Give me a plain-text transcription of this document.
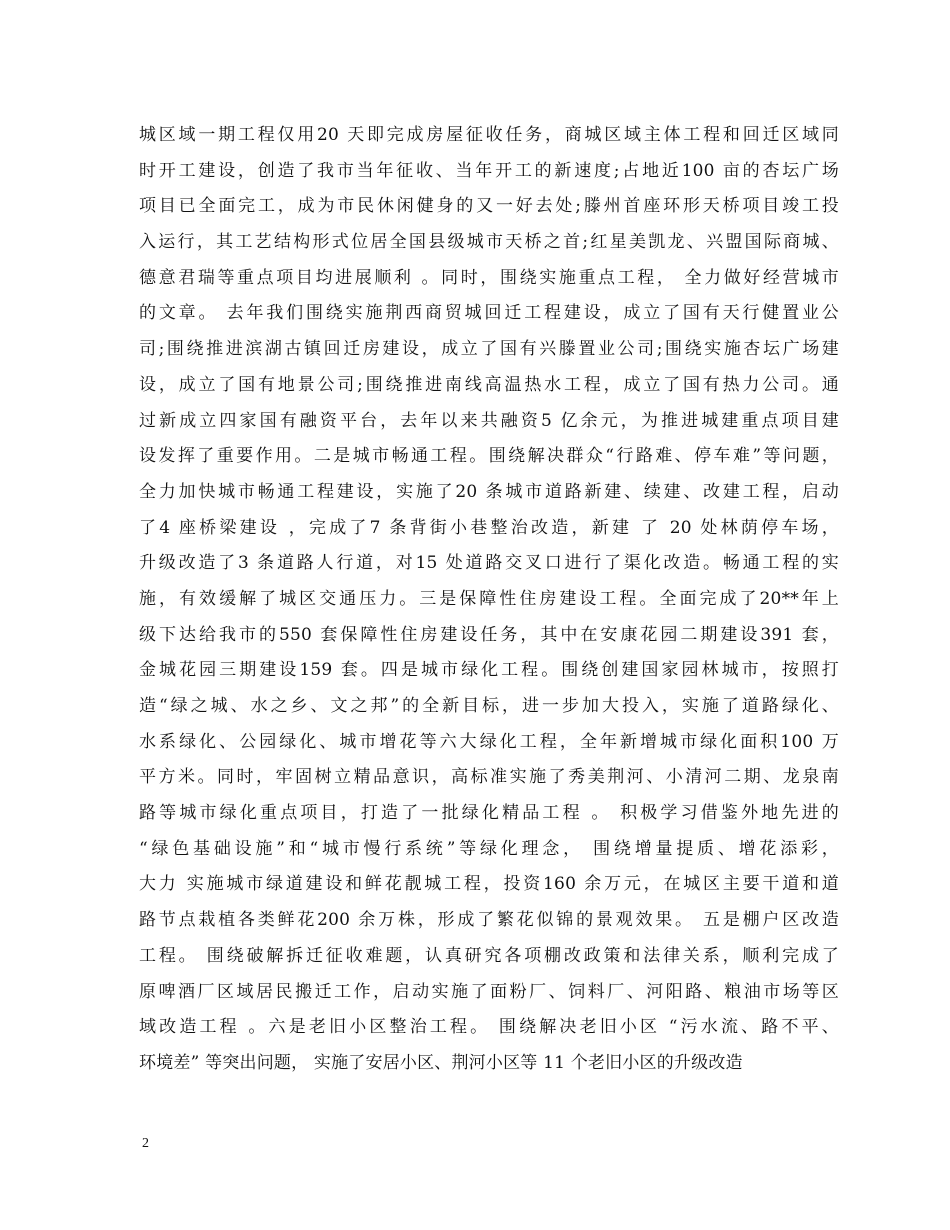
城区域一期工程仅用20 天即完成房屋征收任务，商城区域主体工程和回迁区域同
时开工建设，创造了我市当年征收、当年开工的新速度;占地近100 亩的杏坛广场
项目已全面完工，成为市民休闲健身的又一好去处;滕州首座环形天桥项目竣工投
入运行，其工艺结构形式位居全国县级城市天桥之首;红星美凯龙、兴盟国际商城、
德意君瑞等重点项目均进展顺利 。同时，围绕实施重点工程， 全力做好经营城市
的文章。 去年我们围绕实施荆西商贸城回迁工程建设，成立了国有天行健置业公
司;围绕推进滨湖古镇回迁房建设，成立了国有兴滕置业公司;围绕实施杏坛广场建
设，成立了国有地景公司;围绕推进南线高温热水工程，成立了国有热力公司。通
过新成立四家国有融资平台，去年以来共融资5 亿余元，为推进城建重点项目建
设发挥了重要作用。二是城市畅通工程。围绕解决群众“行路难、停车难”等问题，
全力加快城市畅通工程建设，实施了20 条城市道路新建、续建、改建工程，启动
了4 座桥梁建设 ，完成了7 条背街小巷整治改造，新建 了 20 处林荫停车场，
升级改造了3 条道路人行道，对15 处道路交叉口进行了渠化改造。畅通工程的实
施，有效缓解了城区交通压力。三是保障性住房建设工程。全面完成了20**年上
级下达给我市的550 套保障性住房建设任务，其中在安康花园二期建设391 套，
金城花园三期建设159 套。四是城市绿化工程。围绕创建国家园林城市，按照打
造“绿之城、水之乡、文之邦”的全新目标，进一步加大投入，实施了道路绿化、
水系绿化、公园绿化、城市增花等六大绿化工程，全年新增城市绿化面积100 万
平方米。同时，牢固树立精品意识，高标准实施了秀美荆河、小清河二期、龙泉南
路等城市绿化重点项目，打造了一批绿化精品工程 。 积极学习借鉴外地先进的
“绿色基础设施”和“城市慢行系统”等绿化理念， 围绕增量提质、增花添彩，
大力 实施城市绿道建设和鲜花靓城工程，投资160 余万元，在城区主要干道和道
路节点栽植各类鲜花200 余万株，形成了繁花似锦的景观效果。 五是棚户区改造
工程。 围绕破解拆迁征收难题，认真研究各项棚改政策和法律关系，顺利完成了
原啤酒厂区域居民搬迁工作，启动实施了面粉厂、饲料厂、河阳路、粮油市场等区
域改造工程 。六是老旧小区整治工程。 围绕解决老旧小区 “污水流、路不平、
环境差” 等突出问题， 实施了安居小区、荆河小区等 11 个老旧小区的升级改造
2
